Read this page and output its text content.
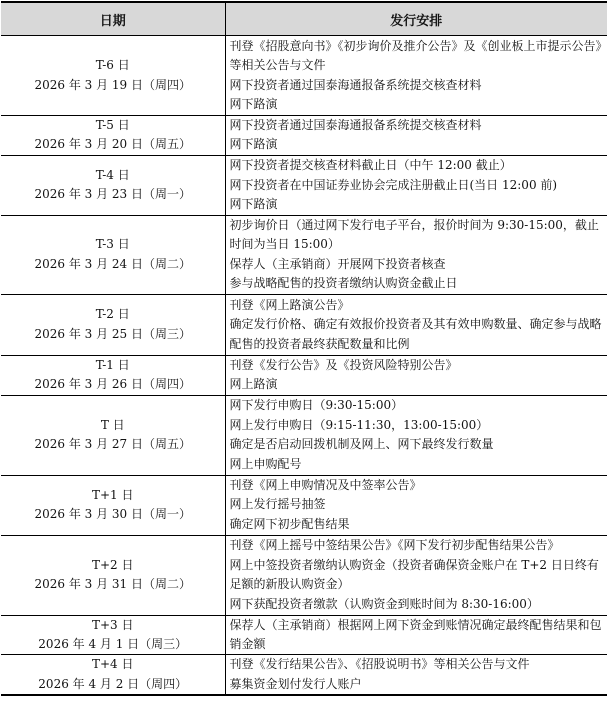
日期	发行安排

T-6 日
2026 年 3 月 19 日（周四）	刊登《招股意向书》《初步询价及推介公告》及《创业板上市提示公告》等相关公告与文件
网下投资者通过国泰海通报备系统提交核查材料
网下路演

T-5 日
2026 年 3 月 20 日（周五）	网下投资者通过国泰海通报备系统提交核查材料
网下路演

T-4 日
2026 年 3 月 23 日（周一）	网下投资者提交核查材料截止日（中午 12:00 截止）
网下投资者在中国证券业协会完成注册截止日(当日 12:00 前)
网下路演

T-3 日
2026 年 3 月 24 日（周二）	初步询价日（通过网下发行电子平台，报价时间为 9:30-15:00，截止时间为当日 15:00）
保荐人（主承销商）开展网下投资者核查
参与战略配售的投资者缴纳认购资金截止日

T-2 日
2026 年 3 月 25 日（周三）	刊登《网上路演公告》
确定发行价格、确定有效报价投资者及其有效申购数量、确定参与战略配售的投资者最终获配数量和比例

T-1 日
2026 年 3 月 26 日（周四）	刊登《发行公告》及《投资风险特别公告》
网上路演

T 日
2026 年 3 月 27 日（周五）	网下发行申购日（9:30-15:00）
网上发行申购日（9:15-11:30，13:00-15:00）
确定是否启动回拨机制及网上、网下最终发行数量
网上申购配号

T+1 日
2026 年 3 月 30 日（周一）	刊登《网上申购情况及中签率公告》
网上发行摇号抽签
确定网下初步配售结果

T+2 日
2026 年 3 月 31 日（周二）	刊登《网上摇号中签结果公告》《网下发行初步配售结果公告》
网上中签投资者缴纳认购资金（投资者确保资金账户在 T+2 日日终有足额的新股认购资金）
网下获配投资者缴款（认购资金到账时间为 8:30-16:00）

T+3 日
2026 年 4 月 1 日（周三）	保荐人（主承销商）根据网上网下资金到账情况确定最终配售结果和包销金额

T+4 日
2026 年 4 月 2 日（周四）	刊登《发行结果公告》、《招股说明书》等相关公告与文件
募集资金划付发行人账户
